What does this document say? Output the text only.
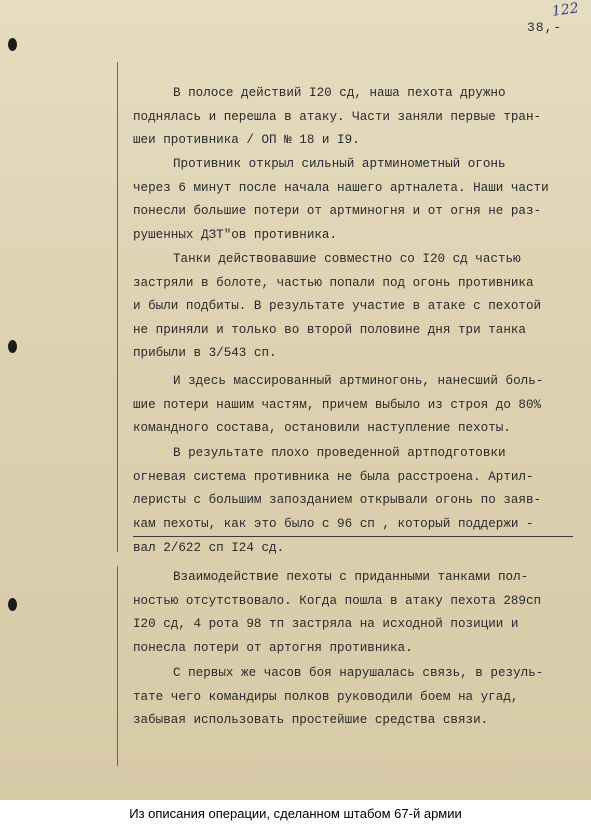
122
38,-
В полосе действий I20 сд, наша пехота дружно
поднялась и перешла в атаку. Части заняли первые тран-
шеи противника / ОП № 18 и I9.
Противник открыл сильный артминометный огонь
через 6 минут после начала нашего артналета. Наши части
понесли большие потери от артминогня и от огня не раз-
рушенных ДЗТ"ов противника.
Танки действовавшие совместно со I20 сд частью
застряли в болоте, частью попали под огонь противника
и были подбиты. В результате участие в атаке с пехотой
не приняли и только во второй половине дня три танка
прибыли в 3/543 сп.
И здесь массированный артминогонь, нанесший боль-
шие потери нашим частям, причем выбыло из строя до 80%
командного состава, остановили наступление пехоты.
В результате плохо проведенной артподготовки
огневая система противника не была расстроена. Артил-
леристы с большим запозданием открывали огонь по заяв-
кам пехоты, как это было с 96 сп , который поддержи -
вал 2/622 сп I24 сд.
Взаимодействие пехоты с приданными танками пол-
ностью отсутствовало. Когда пошла в атаку пехота 289сп
I20 сд, 4 рота 98 тп застряла на исходной позиции и
понесла потери от артогня противника.
С первых же часов боя нарушалась связь, в резуль-
тате чего командиры полков руководили боем на угад,
забывая использовать простейшие средства связи.
Из описания операции, сделанном штабом 67-й армии
